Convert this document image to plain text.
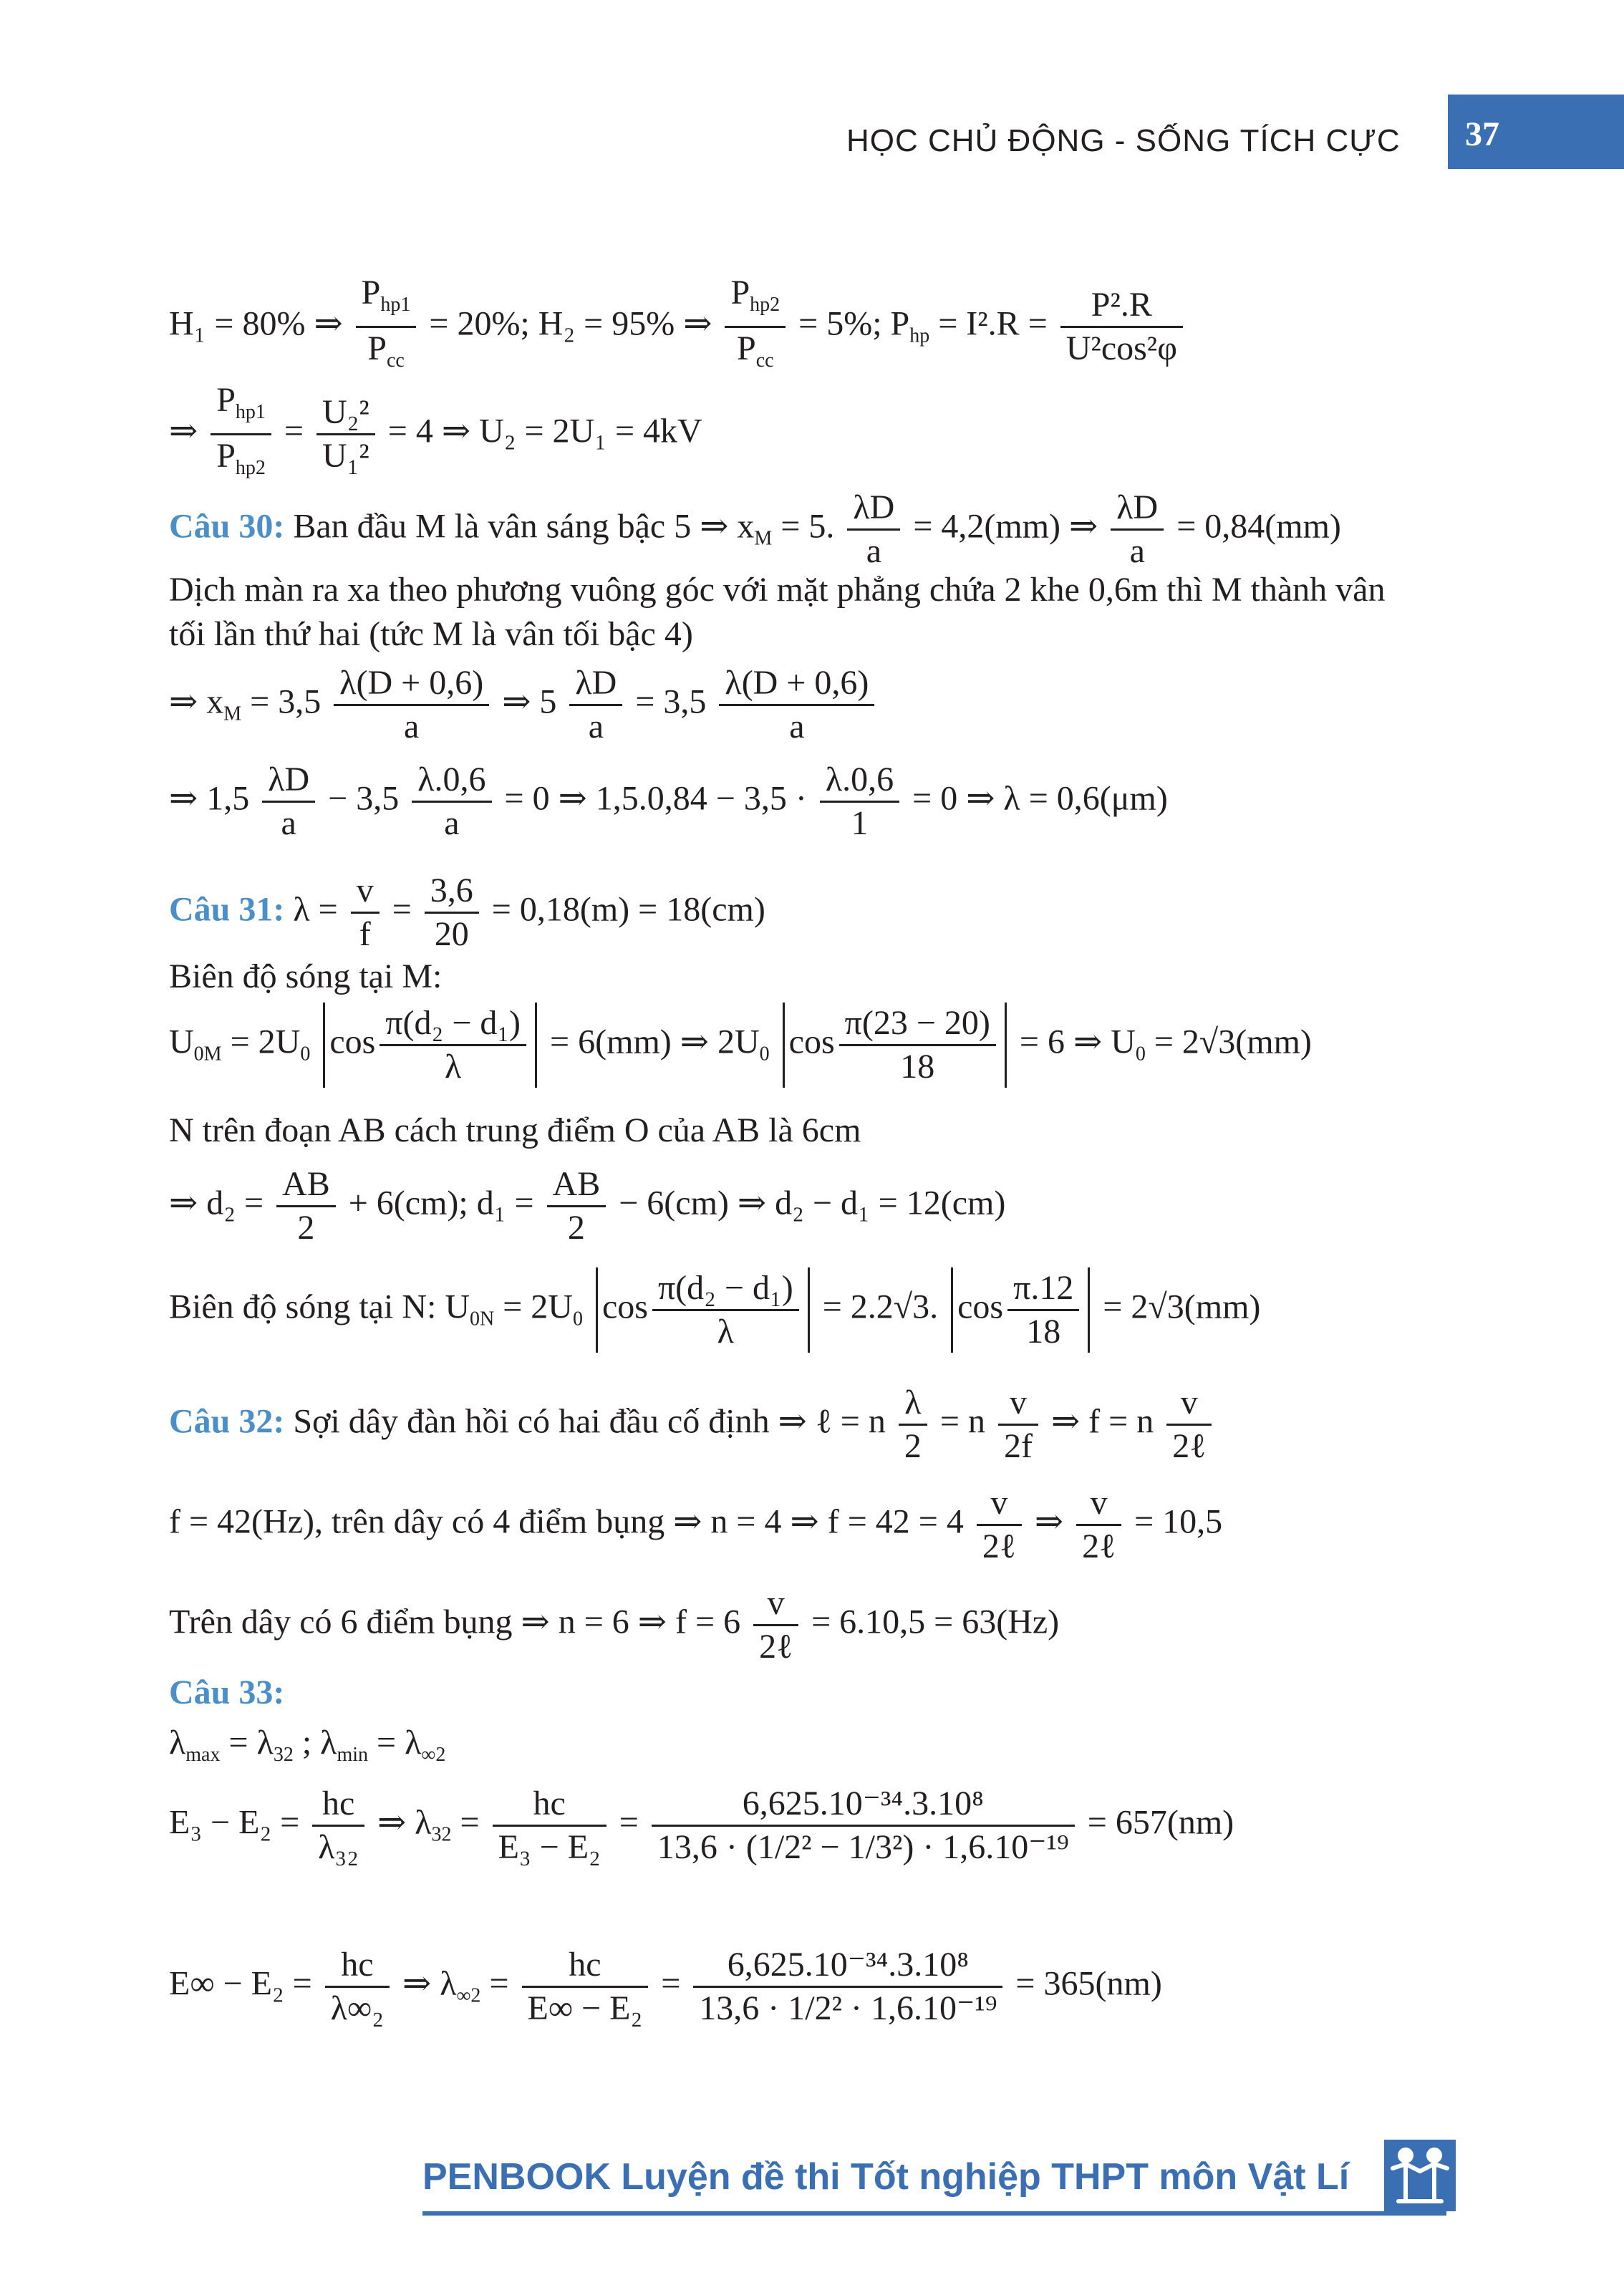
HỌC CHỦ ĐỘNG - SỐNG TÍCH CỰC 37
H₁ = 80% ⇒
$P_{hp1}$
$P_{cc}$
= 20%; H₂ = 95% ⇒
$P_{hp2}$
$P_{cc}$
= 5%; $P_{hp} = I^2.R = \frac{\text{P².R}}{\text{U²cos²φ}}$
⇒
$P_{hp1}$
$P_{hp2}$
= $\frac{\text{U₂²}}{\text{U₁²}} = 4$ ⇒ U₂ = 2U₁ = 4kV
Câu 30: Ban đầu M là vân sáng bậc 5 ⇒ $x_M = 5$. $\frac{\lambda D}{a} = 4,2(mm)$ ⇒ $\frac{\lambda D}{a} = 0,84(mm)$
Dịch màn ra xa theo phương vuông góc với mặt phẳng chứa 2 khe 0,6m thì M thành vân
tối lần thứ hai (tức M là vân tối bậc 4)
⇒ $x_M = 3,5 \frac{\lambda(D + 0,6)}{a}$ ⇒ $5 \frac{\lambda D}{a} = 3,5 \frac{\lambda(D + 0,6)}{a}$
⇒ $1,5 \frac{\lambda D}{a} - 3,5 \frac{\lambda.0,6}{a} = 0$ ⇒ $1,5.0,84 - 3,5 \cdot \frac{\lambda.0,6}{1} = 0$ ⇒ λ = 0,6(μm)
Câu 31: $\lambda = \frac{v}{f} = \frac{3,6}{20} = 0,18(m) = 18(cm)$
Biên độ sóng tại M:
$U_{0M} = 2U_0$ $\cos \frac{\text{π(d₂ − d₁)}}{\lambda} = 6(mm)$ ⇒ $2U_0$ $\cos \frac{\pi(23 - 20)}{18} = 6$ ⇒ $U_0 = 2√3(mm)$
N trên đoạn AB cách trung điểm O của AB là 6cm
⇒ $d_2 = \frac{AB}{2} + 6(cm)$; $d_1 = \frac{AB}{2} - 6(cm)$ ⇒ d₂ − d₁ = 12(cm)
Biên độ sóng tại N: $U_{0N} = 2U_0$ $\cos \frac{\text{π(d₂ − d₁)}}{\lambda} = 2.2√3$. $\cos \frac{\pi.12}{18} = 2√3(mm)$
Câu 32: Sợi dây đàn hồi có hai đầu cố định ⇒ ℓ = n $\frac{\lambda}{2} = n \frac{v}{2f}$ ⇒ f = n
v
2ℓ
f = 42(Hz), trên dây có 4 điểm bụng ⇒ n = 4 ⇒ f = 42 = 4
v
2ℓ
⇒
v
2ℓ
= 10,5
Trên dây có 6 điểm bụng ⇒ n = 6 ⇒ f = 6
v
2ℓ
= 6.10,5 = 63(Hz)
Câu 33:
$\lambda_{max} = \lambda_{32}$ ; $\lambda_{min} = \lambda_{\infty 2}$
$E_3 - E_2 = \frac{hc}{\text{λ₃₂}}$ ⇒ $\lambda_{32} = \frac{hc}{\text{E₃ − E₂}} = \frac{\text{6,625.10⁻³⁴.3.10⁸}}{\text{13,6 · (1/2² − 1/3²) · 1,6.10⁻¹⁹}} = 657(nm)$
$E\infty - E_2 = \frac{hc}{\text{λ∞₂}}$ ⇒ $\lambda_{\infty 2} = \frac{hc}{\text{E∞ − E₂}} = \frac{\text{6,625.10⁻³⁴.3.10⁸}}{\text{13,6 · 1/2² · 1,6.10⁻¹⁹}} = 365(nm)$
PENBOOK Luyện đề thi Tốt nghiệp THPT môn Vật Lí
